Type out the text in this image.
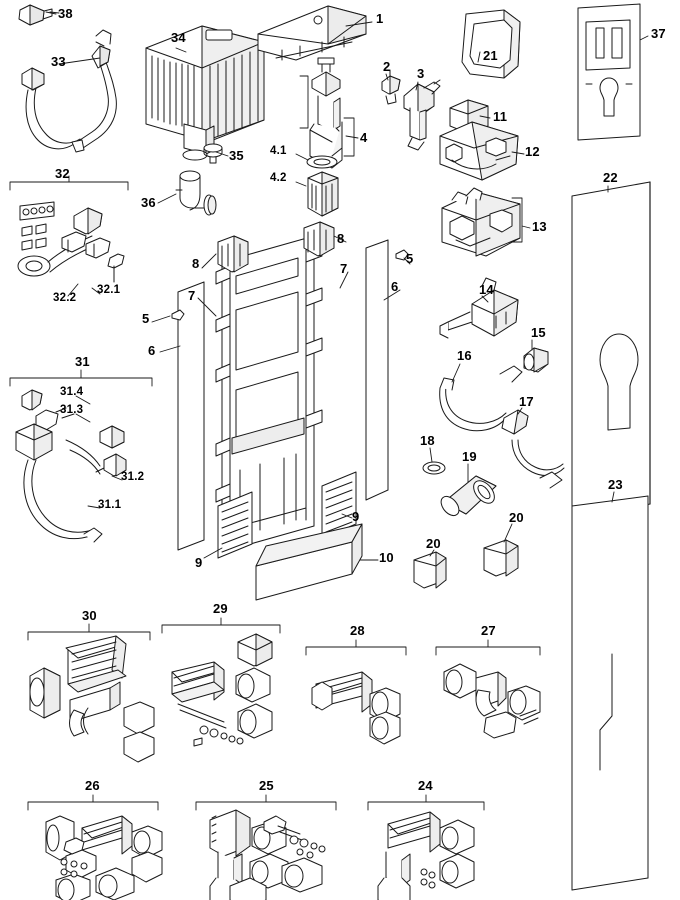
1
2 3
4
4.1
4.2
5
5
6
6
7
7
8
8
9
9
10
11
12
13
14
15
16
17
18
19
20
20
21
22
23
24
25
26
27
28
29
30
31
31.1
31.2
31.3
31.4
32
32.1
32.2
33
34
35
36
37
38
